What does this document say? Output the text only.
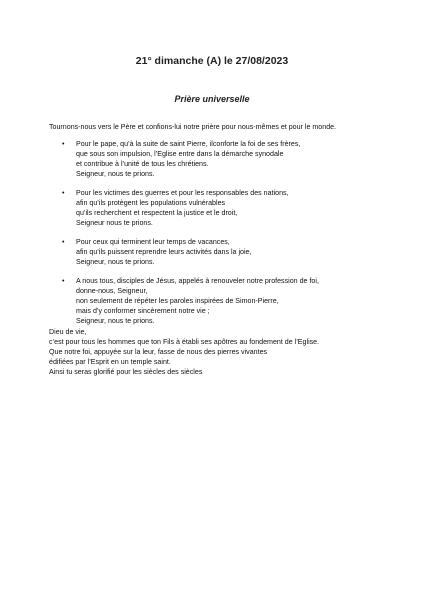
21° dimanche (A) le 27/08/2023
Prière universelle
Tournons-nous vers le Père et confions-lui notre prière pour nous-mêmes et pour le monde.
• Pour le pape, qu’à la suite de saint Pierre, ilconforte la foi de ses frères,
que sous son impulsion, l’Eglise entre dans la démarche synodale
et contribue à l’unité de tous les chrétiens.
Seigneur, nous te prions.
• Pour les victimes des guerres et pour les responsables des nations,
afin qu’ils protègent les populations vulnérables
qu’ils recherchent et respectent la justice et le droit,
Seigneur nous te prions.
• Pour ceux qui terminent leur temps de vacances,
afin qu’ils puissent reprendre leurs activités dans la joie,
Seigneur, nous te prions.
• A nous tous, disciples de Jésus, appelés à renouveler notre profession de foi,
donne-nous, Seigneur,
non seulement de répéter les paroles inspirées de Simon-Pierre,
mais d’y conformer sincèrement notre vie ;
Seigneur, nous te prions.
Dieu de vie,
c’est pour tous les hommes que ton Fils à établi ses apôtres au fondement de l’Eglise.
Que notre foi, appuyée sur la leur, fasse de nous des pierres vivantes
édifiées par l’Esprit en un temple saint.
Ainsi tu seras glorifié pour les siècles des siècles
